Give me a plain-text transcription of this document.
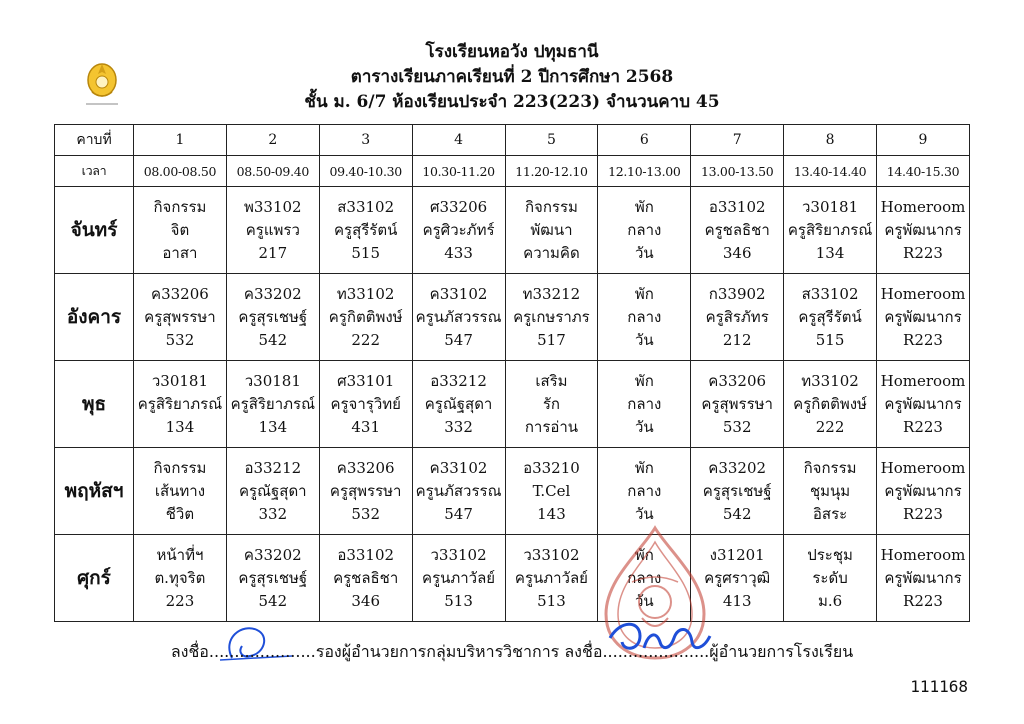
โรงเรียนหอวัง ปทุมธานี
ตารางเรียนภาคเรียนที่ 2 ปีการศึกษา 2568
ชั้น ม. 6/7 ห้องเรียนประจำ 223(223) จำนวนคาบ 45
คาบที่	1	2	3	4	5	6	7	8	9
เวลา	08.00-08.50	08.50-09.40	09.40-10.30	10.30-11.20	11.20-12.10	12.10-13.00	13.00-13.50	13.40-14.40	14.40-15.30
จันทร์	กิจกรรม
จิต
อาสา	พ33102
ครูแพรว
217	ส33102
ครูสุรีรัตน์
515	ศ33206
ครูศิวะภัทร์
433	กิจกรรม
พัฒนา
ความคิด	พัก
กลาง
วัน	อ33102
ครูชลธิชา
346	ว30181
ครูสิริยาภรณ์
134	Homeroom
ครูพัฒนากร
R223

อังคาร	ค33206
ครูสุพรรษา
532	ค33202
ครูสุรเชษฐ์
542	ท33102
ครูกิตติพงษ์
222	ค33102
ครูนภัสวรรณ
547	ท33212
ครูเกษราภร
517	พัก
กลาง
วัน	ก33902
ครูสิรภัทร
212	ส33102
ครูสุรีรัตน์
515	Homeroom
ครูพัฒนากร
R223

พุธ	ว30181
ครูสิริยาภรณ์
134	ว30181
ครูสิริยาภรณ์
134	ศ33101
ครูจารุวิทย์
431	อ33212
ครูณัฐสุดา
332	เสริม
รัก
การอ่าน	พัก
กลาง
วัน	ค33206
ครูสุพรรษา
532	ท33102
ครูกิตติพงษ์
222	Homeroom
ครูพัฒนากร
R223

พฤหัสฯ	กิจกรรม
เส้นทาง
ชีวิต	อ33212
ครูณัฐสุดา
332	ค33206
ครูสุพรรษา
532	ค33102
ครูนภัสวรรณ
547	อ33210
T.Cel
143	พัก
กลาง
วัน	ค33202
ครูสุรเชษฐ์
542	กิจกรรม
ชุมนุม
อิสระ	Homeroom
ครูพัฒนากร
R223

ศุกร์	หน้าที่ฯ
ต.ทุจริต
223	ค33202
ครูสุรเชษฐ์
542	อ33102
ครูชลธิชา
346	ว33102
ครูนภาวัลย์
513	ว33102
ครูนภาวัลย์
513	พัก
กลาง
วัน	ง31201
ครูศราวุฒิ
413	ประชุม
ระดับ
ม.6	Homeroom
ครูพัฒนากร
R223
ลงชื่อ.....................รองผู้อำนวยการกลุ่มบริหารวิชาการ ลงชื่อ.....................ผู้อำนวยการโรงเรียน
111168
